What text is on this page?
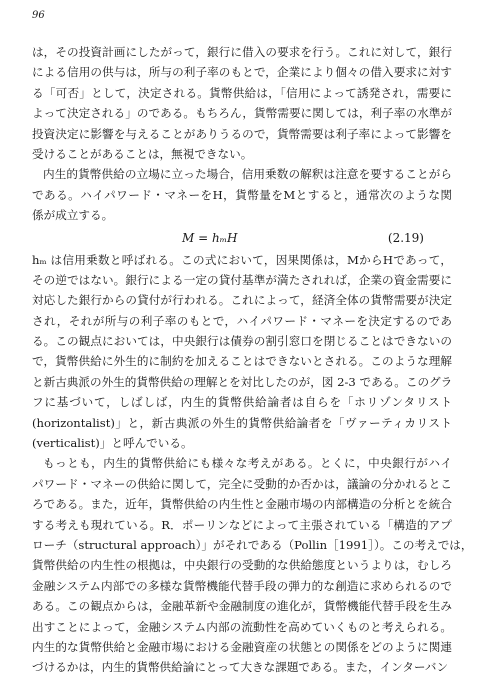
96
は，その投資計画にしたがって，銀行に借入の要求を行う。これに対して，銀行
による信用の供与は，所与の利子率のもとで，企業により個々の借入要求に対す
る「可否」として，決定される。貨幣供給は，「信用によって誘発され，需要に
よって決定される」のである。もちろん，貨幣需要に関しては，利子率の水準が
投資決定に影響を与えることがありうるので，貨幣需要は利子率によって影響を
受けることがあることは，無視できない。
内生的貨幣供給の立場に立った場合，信用乗数の解釈は注意を要することがら
である。ハイパワード・マネーをH，貨幣量をMとすると，通常次のような関
係が成立する。
M = hₘH	(2.19)
hₘ は信用乗数と呼ばれる。この式において，因果関係は，MからHであって，
その逆ではない。銀行による一定の貸付基準が満たされれば，企業の資金需要に
対応した銀行からの貸付が行われる。これによって，経済全体の貨幣需要が決定
され，それが所与の利子率のもとで，ハイパワード・マネーを決定するのであ
る。この観点においては，中央銀行は債券の割引窓口を閉じることはできないの
で，貨幣供給に外生的に制約を加えることはできないとされる。このような理解
と新古典派の外生的貨幣供給の理解とを対比したのが，図 2-3 である。このグラ
フに基づいて，しばしば，内生的貨幣供給論者は自らを「ホリゾンタリスト
(horizontalist)」と，新古典派の外生的貨幣供給論者を「ヴァーティカリスト
(verticalist)」と呼んでいる。
もっとも，内生的貨幣供給にも様々な考えがある。とくに，中央銀行がハイ
パワード・マネーの供給に関して，完全に受動的か否かは，議論の分かれるとこ
ろである。また，近年，貨幣供給の内生性と金融市場の内部構造の分析とを統合
する考えも現れている。R．ポーリンなどによって主張されている「構造的アプ
ローチ（structural approach）」がそれである（Pollin［1991］）。この考えでは，
貨幣供給の内生性の根拠は，中央銀行の受動的な供給態度というよりは，むしろ
金融システム内部での多様な貨幣機能代替手段の弾力的な創造に求められるので
ある。この観点からは，金融革新や金融制度の進化が，貨幣機能代替手段を生み
出すことによって，金融システム内部の流動性を高めていくものと考えられる。
内生的な貨幣供給と金融市場における金融資産の状態との関係をどのように関連
づけるかは，内生的貨幣供給論にとって大きな課題である。また，インターバン
